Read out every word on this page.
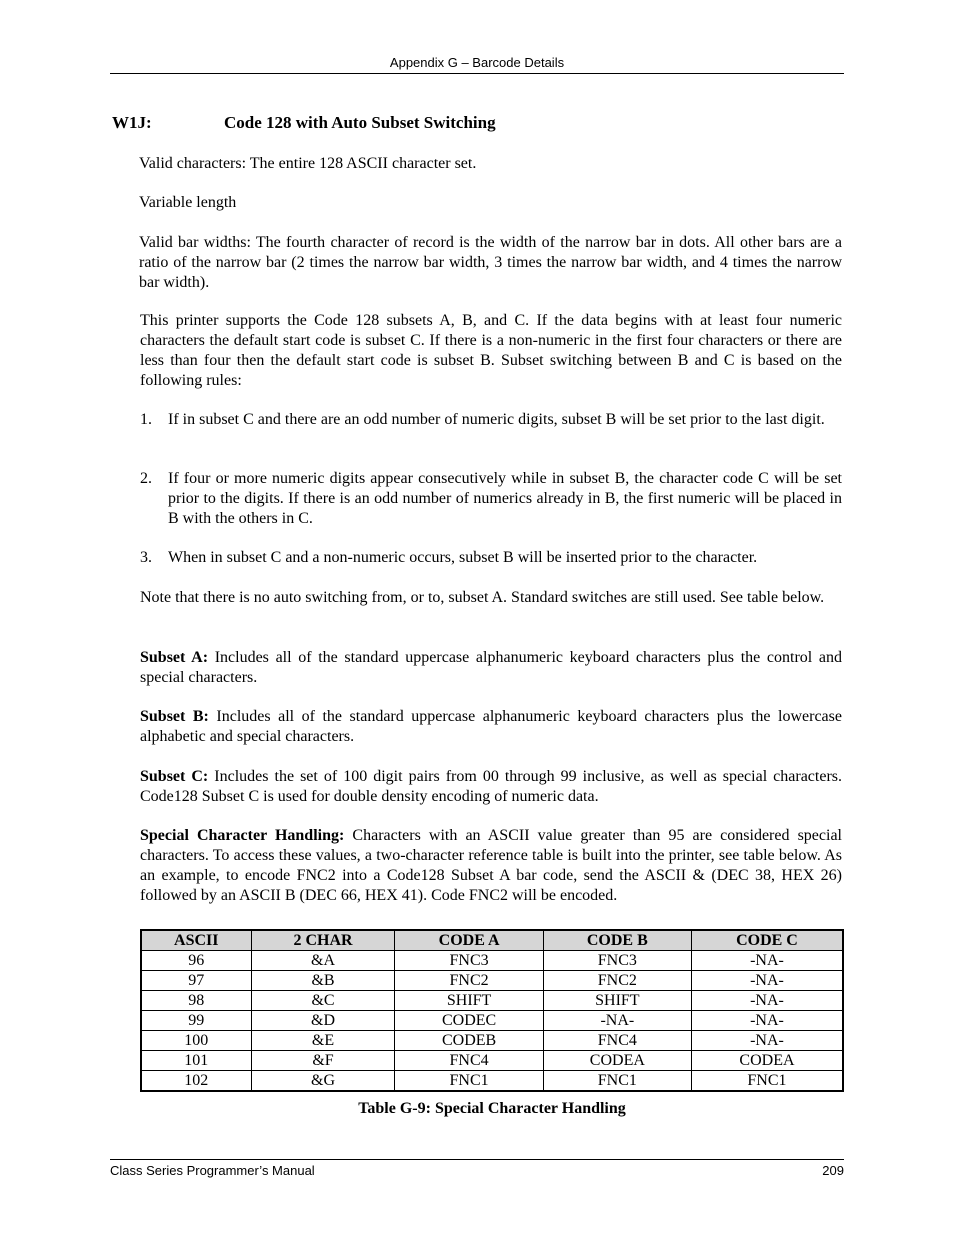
Appendix G – Barcode Details
W1J:	Code 128 with Auto Subset Switching
Valid characters: The entire 128 ASCII character set.
Variable length
Valid bar widths: The fourth character of record is the width of the narrow bar in dots. All other bars are a ratio of the narrow bar (2 times the narrow bar width, 3 times the narrow bar width, and 4 times the narrow bar width).
This printer supports the Code 128 subsets A, B, and C. If the data begins with at least four numeric characters the default start code is subset C. If there is a non-numeric in the first four characters or there are less than four then the default start code is subset B. Subset switching between B and C is based on the following rules:
1. If in subset C and there are an odd number of numeric digits, subset B will be set prior to the last digit.
2. If four or more numeric digits appear consecutively while in subset B, the character code C will be set prior to the digits. If there is an odd number of numerics already in B, the first numeric will be placed in B with the others in C.
3. When in subset C and a non-numeric occurs, subset B will be inserted prior to the character.
Note that there is no auto switching from, or to, subset A. Standard switches are still used. See table below.
Subset A: Includes all of the standard uppercase alphanumeric keyboard characters plus the control and special characters.
Subset B: Includes all of the standard uppercase alphanumeric keyboard characters plus the lowercase alphabetic and special characters.
Subset C: Includes the set of 100 digit pairs from 00 through 99 inclusive, as well as special characters. Code128 Subset C is used for double density encoding of numeric data.
Special Character Handling: Characters with an ASCII value greater than 95 are considered special characters. To access these values, a two-character reference table is built into the printer, see table below. As an example, to encode FNC2 into a Code128 Subset A bar code, send the ASCII & (DEC 38, HEX 26) followed by an ASCII B (DEC 66, HEX 41). Code FNC2 will be encoded.
ASCII	2 CHAR	CODE A	CODE B	CODE C
96	&A	FNC3	FNC3	-NA-
97	&B	FNC2	FNC2	-NA-
98	&C	SHIFT	SHIFT	-NA-
99	&D	CODEC	-NA-	-NA-
100	&E	CODEB	FNC4	-NA-
101	&F	FNC4	CODEA	CODEA
102	&G	FNC1	FNC1	FNC1
Table G-9: Special Character Handling
Class Series Programmer’s Manual	209
